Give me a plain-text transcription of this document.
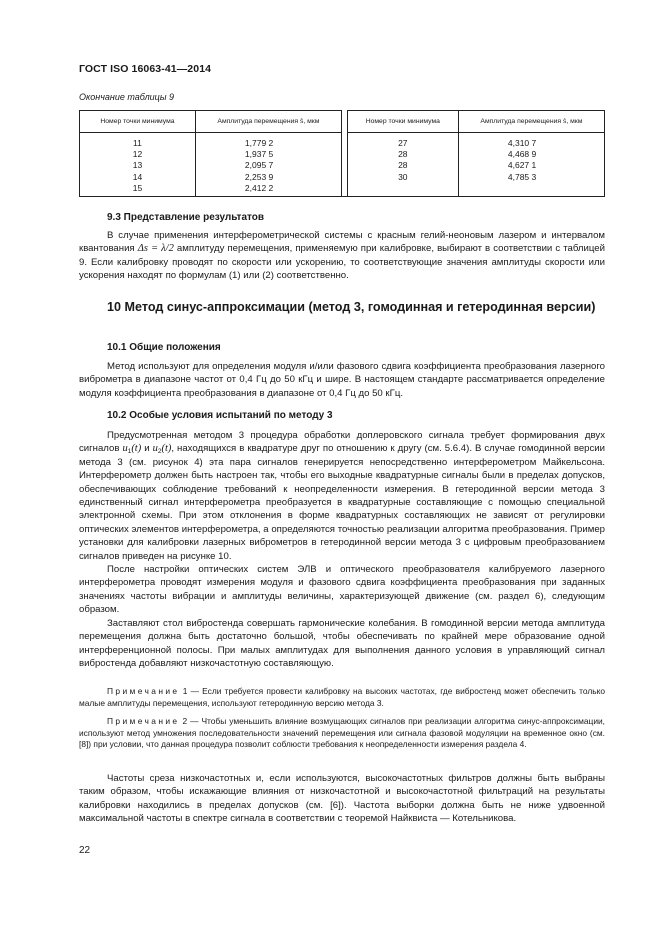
ГОСТ ISO 16063-41—2014
Окончание таблицы 9
Номер точки минимума	Амплитуда перемещения ŝ, мкм		Номер точки минимума	Амплитуда перемещения ŝ, мкм
11	1,779 2		27	4,310 7
12	1,937 5		28	4,468 9
13	2,095 7		28	4,627 1
14	2,253 9		30	4,785 3
15	2,412 2			
9.3 Представление результатов

В случае применения интерферометрической системы с красным гелий-неоновым лазером и интервалом квантования Δs = λ/2 амплитуду перемещения, применяемую при калибровке, выбирают в соответствии с таблицей 9. Если калибровку проводят по скорости или ускорению, то соответствующие значения амплитуды скорости или ускорения находят по формулам (1) или (2) соответственно.

10 Метод синус-аппроксимации (метод 3, гомодинная и гетеродинная версии)
10.1 Общие положения

Метод используют для определения модуля и/или фазового сдвига коэффициента преобразования лазерного виброметра в диапазоне частот от 0,4 Гц до 50 кГц и шире. В настоящем стандарте рассматривается определение модуля коэффициента преобразования в диапазоне от 0,4 Гц до 50 кГц.

10.2 Особые условия испытаний по методу 3

Предусмотренная методом 3 процедура обработки доплеровского сигнала требует формирования двух сигналов $u_1(t)$ и $u_2(t)$, находящихся в квадратуре друг по отношению к другу (см. 5.6.4). В случае гомодинной версии метода 3 (см. рисунок 4) эта пара сигналов генерируется непосредственно интерферометром Майкельсона. Интерферометр должен быть настроен так, чтобы его выходные квадратурные сигналы были в пределах допусков, обеспечивающих соблюдение требований к неопределенности измерения. В гетеродинной версии метода 3 единственный сигнал интерферометра преобразуется в квадратурные составляющие с помощью специальной электронной схемы. При этом отклонения в форме квадратурных составляющих не зависят от регулировки оптических элементов интерферометра, а определяются точностью реализации алгоритма преобразования. Пример установки для калибровки лазерных виброметров в гетеродинной версии метода 3 с цифровым преобразованием сигналов приведен на рисунке 10.

После настройки оптических систем ЭЛВ и оптического преобразователя калибруемого лазерного интерферометра проводят измерения модуля и фазового сдвига коэффициента преобразования при заданных значениях частоты вибрации и амплитуды величины, характеризующей движение (см. раздел 6), следующим образом.

Заставляют стол вибростенда совершать гармонические колебания. В гомодинной версии метода амплитуда перемещения должна быть достаточно большой, чтобы обеспечивать по крайней мере образование одной интерференционной полосы. При малых амплитудах для выполнения данного условия в управляющий сигнал вибростенда добавляют низкочастотную составляющую.

Примечание 1 — Если требуется провести калибровку на высоких частотах, где вибростенд может обеспечить только малые амплитуды перемещения, используют гетеродинную версию метода 3.

Примечание 2 — Чтобы уменьшить влияние возмущающих сигналов при реализации алгоритма синус-аппроксимации, используют метод умножения последовательности значений перемещения или сигнала фазовой модуляции на временное окно (см. [8]) при условии, что данная процедура позволит соблюсти требования к неопределенности измерения раздела 4.

Частоты среза низкочастотных и, если используются, высокочастотных фильтров должны быть выбраны таким образом, чтобы искажающие влияния от низкочастотной и высокочастотной фильтраций на результаты калибровки находились в пределах допусков (см. [6]). Частота выборки должна быть не ниже удвоенной максимальной частоты в спектре сигнала в соответствии с теоремой Найквиста — Котельникова.

22
